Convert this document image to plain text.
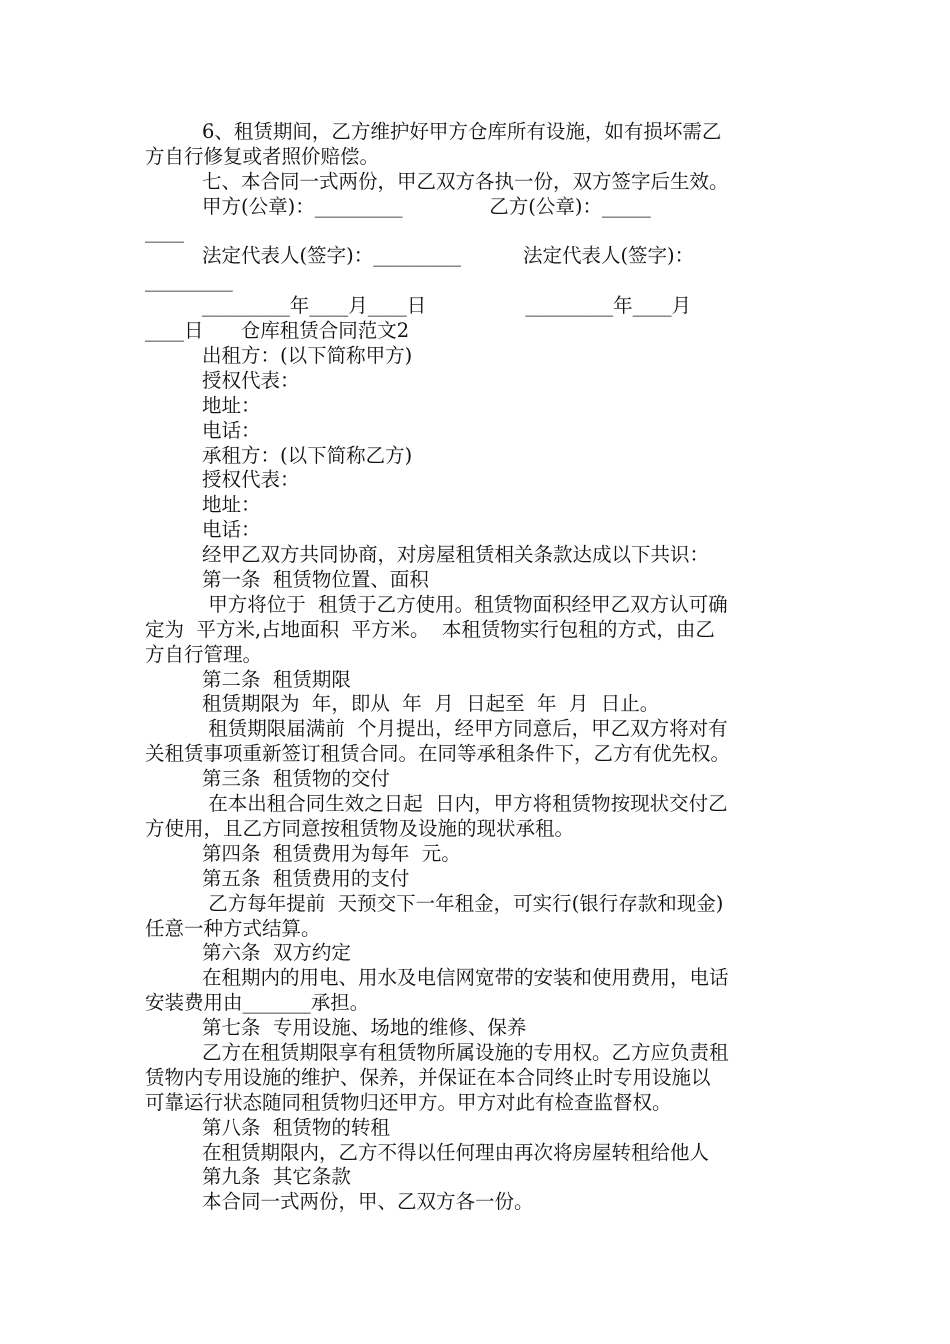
6、租赁期间，乙方维护好甲方仓库所有设施，如有损坏需乙
方自行修复或者照价赔偿。
七、本合同一式两份，甲乙双方各执一份，双方签字后生效。
甲方(公章)：_________              乙方(公章)：_____
____
法定代表人(签字)：_________          法定代表人(签字)：
_________
_________年____月____日                _________年____月
____日      仓库租赁合同范文2
出租方：(以下简称甲方)
授权代表：
地址：
电话：
承租方：(以下简称乙方)
授权代表：
地址：
电话：
经甲乙双方共同协商，对房屋租赁相关条款达成以下共识：
第一条  租赁物位置、面积
甲方将位于  租赁于乙方使用。租赁物面积经甲乙双方认可确
定为  平方米,占地面积  平方米。  本租赁物实行包租的方式，由乙
方自行管理。
第二条  租赁期限
租赁期限为  年，即从  年  月  日起至  年  月  日止。
租赁期限届满前  个月提出，经甲方同意后，甲乙双方将对有
关租赁事项重新签订租赁合同。在同等承租条件下，乙方有优先权。
第三条  租赁物的交付
在本出租合同生效之日起  日内，甲方将租赁物按现状交付乙
方使用，且乙方同意按租赁物及设施的现状承租。
第四条  租赁费用为每年  元。
第五条  租赁费用的支付
乙方每年提前  天预交下一年租金，可实行(银行存款和现金)
任意一种方式结算。
第六条  双方约定
在租期内的用电、用水及电信网宽带的安装和使用费用，电话
安装费用由_______承担。
第七条  专用设施、场地的维修、保养
乙方在租赁期限享有租赁物所属设施的专用权。乙方应负责租
赁物内专用设施的维护、保养，并保证在本合同终止时专用设施以
可靠运行状态随同租赁物归还甲方。甲方对此有检查监督权。
第八条  租赁物的转租
在租赁期限内，乙方不得以任何理由再次将房屋转租给他人
第九条  其它条款
本合同一式两份，甲、乙双方各一份。
